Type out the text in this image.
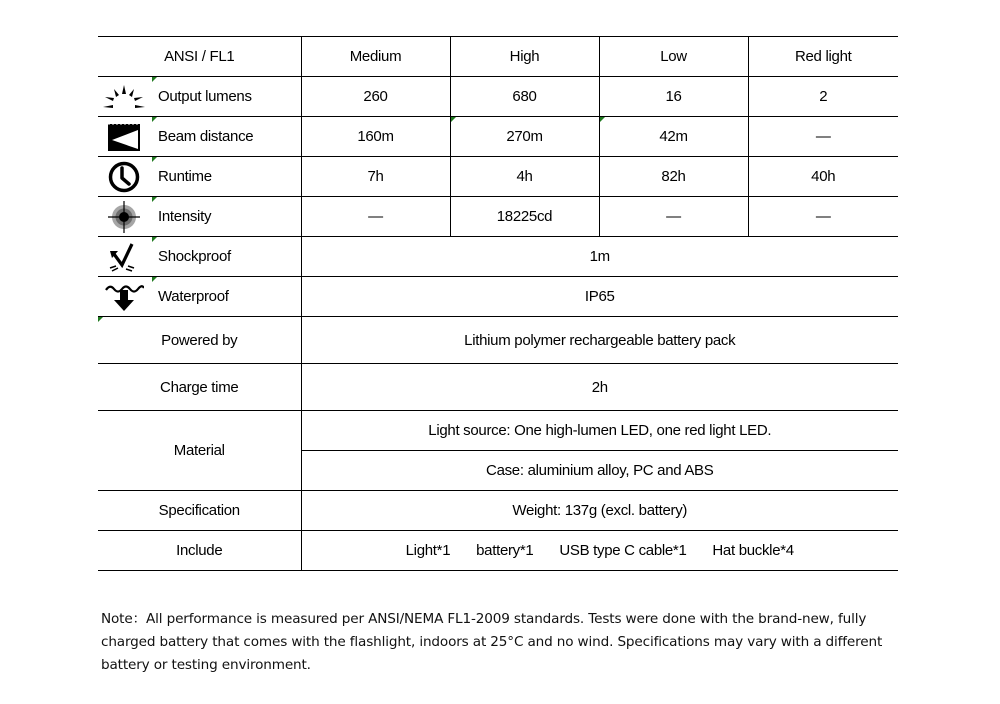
ANSI / FL1	Medium	High	Low	Red light

Output lumens	260	680	16	2

Beam distance	160m	270m	42m	—

Runtime	7h	4h	82h	40h

Intensity	—	18225cd	—	—

Shockproof	1m			

Waterproof	IP65			

Powered by	Lithium polymer rechargeable battery pack			
Charge time	2h			
Material	Light source: One high-lumen LED, one red light LED.			
	Case: aluminium alloy, PC and ABS			
Specification	Weight: 137g (excl. battery)			
Include	Light*1 battery*1 USB type C cable*1 Hat buckle*4			
Note：All performance is measured per ANSI/NEMA FL1-2009 standards. Tests were done with the brand-new, fully charged battery that comes with the flashlight, indoors at 25°C and no wind. Specifications may vary with a different battery or testing environment.
